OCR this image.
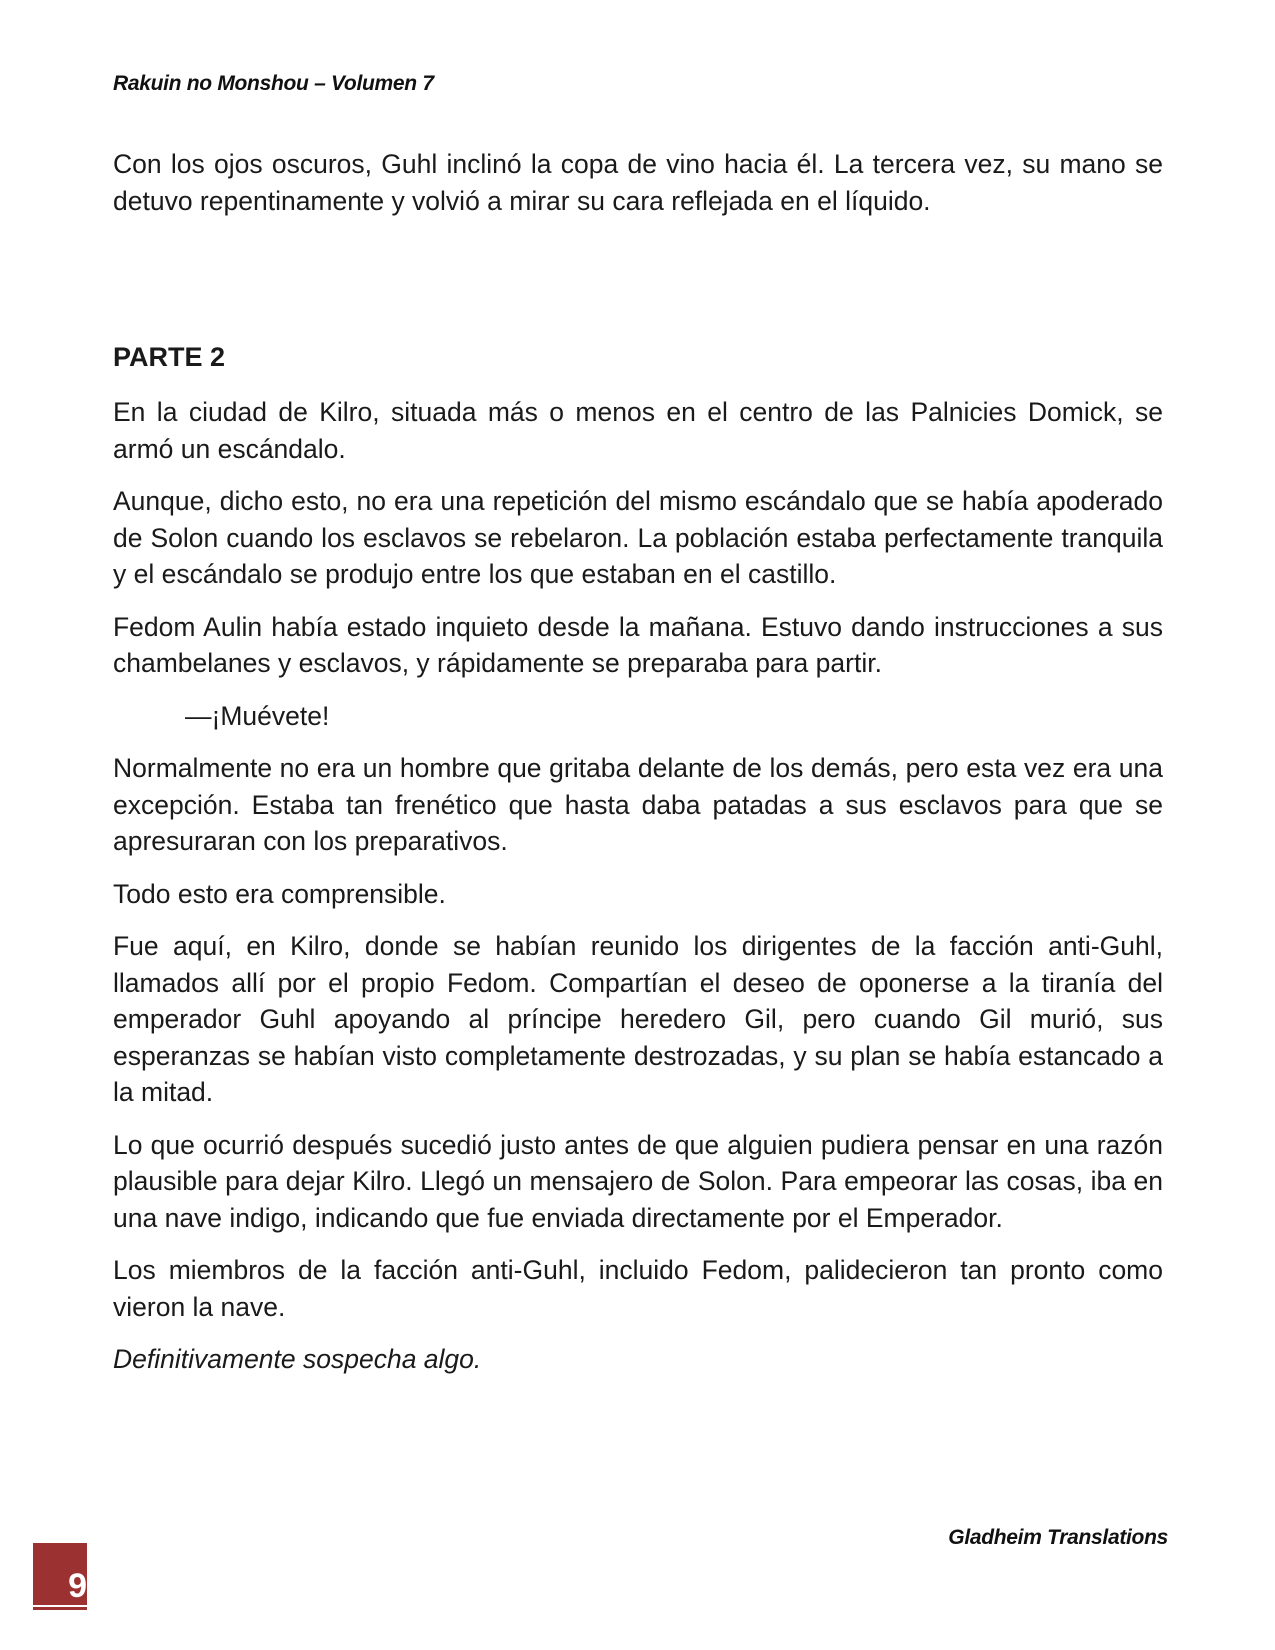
Rakuin no Monshou – Volumen 7

Con los ojos oscuros, Guhl inclinó la copa de vino hacia él. La tercera vez, su mano se detuvo repentinamente y volvió a mirar su cara reflejada en el líquido.

PARTE 2

En la ciudad de Kilro, situada más o menos en el centro de las Palnicies Domick, se armó un escándalo.

Aunque, dicho esto, no era una repetición del mismo escándalo que se había apoderado de Solon cuando los esclavos se rebelaron. La población estaba perfectamente tranquila y el escándalo se produjo entre los que estaban en el castillo.

Fedom Aulin había estado inquieto desde la mañana. Estuvo dando instrucciones a sus chambelanes y esclavos, y rápidamente se preparaba para partir.

—¡Muévete!

Normalmente no era un hombre que gritaba delante de los demás, pero esta vez era una excepción. Estaba tan frenético que hasta daba patadas a sus esclavos para que se apresuraran con los preparativos.

Todo esto era comprensible.

Fue aquí, en Kilro, donde se habían reunido los dirigentes de la facción anti-Guhl, llamados allí por el propio Fedom. Compartían el deseo de oponerse a la tiranía del emperador Guhl apoyando al príncipe heredero Gil, pero cuando Gil murió, sus esperanzas se habían visto completamente destrozadas, y su plan se había estancado a la mitad.

Lo que ocurrió después sucedió justo antes de que alguien pudiera pensar en una razón plausible para dejar Kilro. Llegó un mensajero de Solon. Para empeorar las cosas, iba en una nave indigo, indicando que fue enviada directamente por el Emperador.

Los miembros de la facción anti-Guhl, incluido Fedom, palidecieron tan pronto como vieron la nave.

Definitivamente sospecha algo.

Gladheim Translations
9
